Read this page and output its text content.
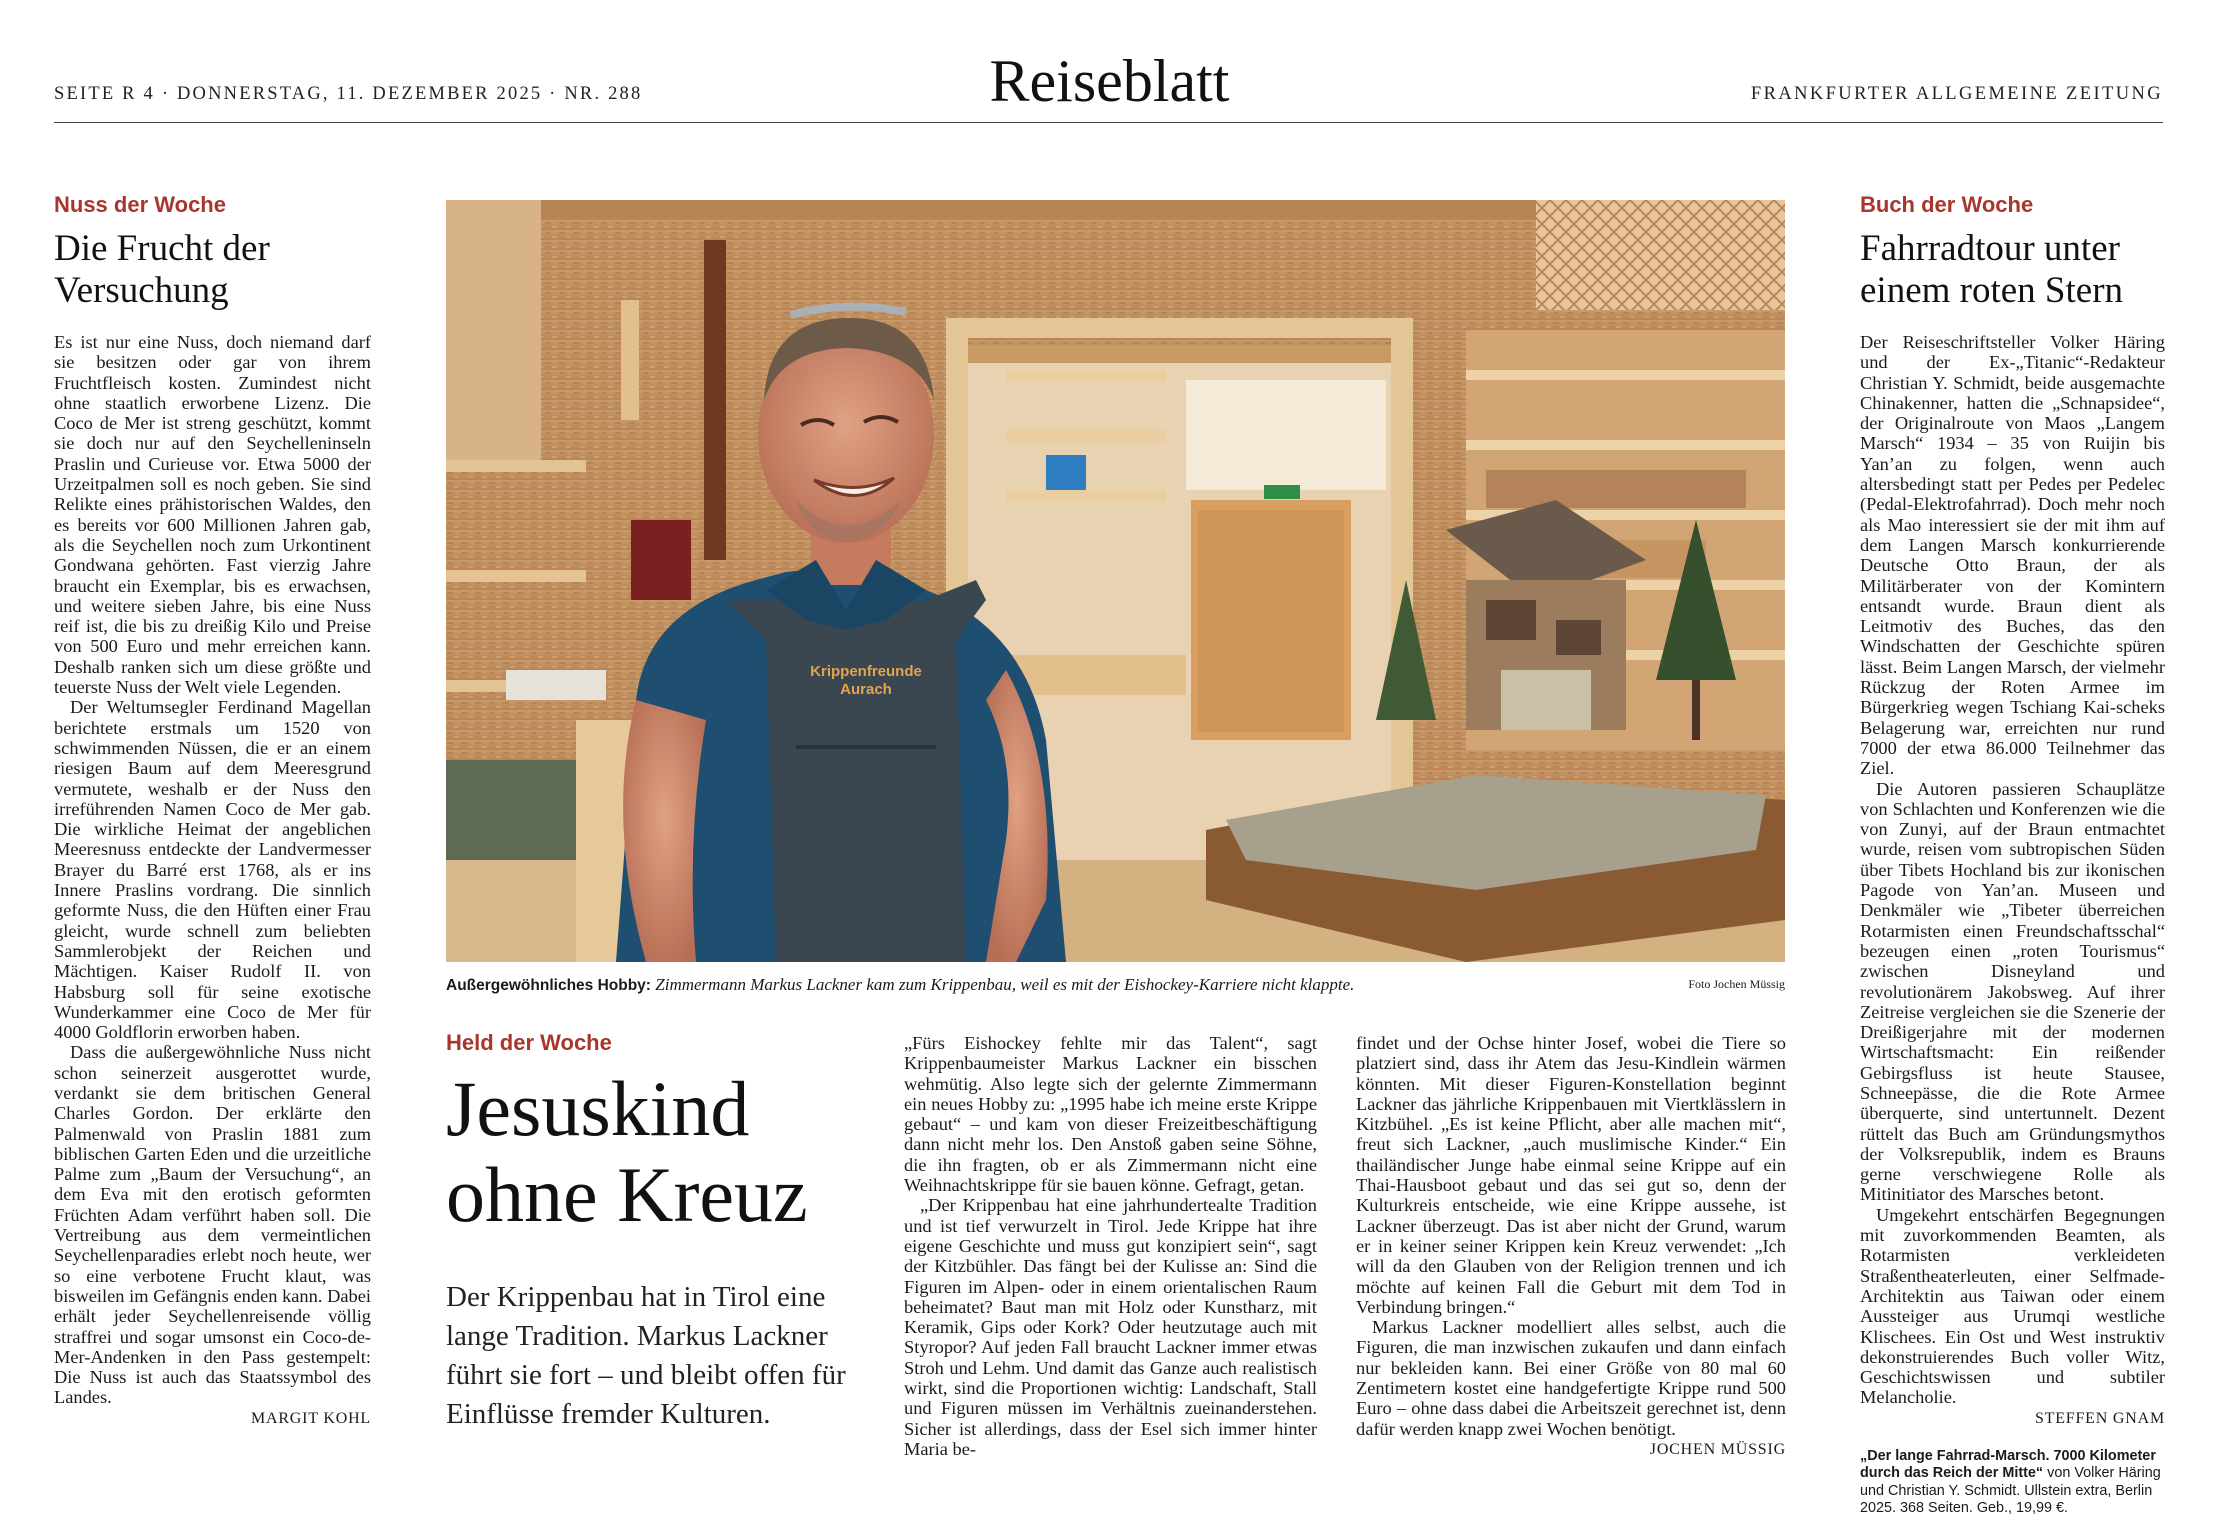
SEITE R 4 · DONNERSTAG, 11. DEZEMBER 2025 · NR. 288	Reiseblatt	FRANKFURTER ALLGEMEINE ZEITUNG
Nuss der Woche
Die Frucht der Versuchung

Es ist nur eine Nuss, doch niemand darf sie besitzen oder gar von ihrem Fruchtfleisch kosten. Zumindest nicht ohne staatlich erworbene Lizenz. Die Coco de Mer ist streng geschützt, kommt sie doch nur auf den Seychelleninseln Praslin und Curieuse vor. Etwa 5000 der Urzeitpalmen soll es noch geben. Sie sind Relikte eines prähistorischen Waldes, den es bereits vor 600 Millionen Jahren gab, als die Seychellen noch zum Urkontinent Gondwana gehörten. Fast vierzig Jahre braucht ein Exemplar, bis es erwachsen, und weitere sieben Jahre, bis eine Nuss reif ist, die bis zu dreißig Kilo und Preise von 500 Euro und mehr erreichen kann. Deshalb ranken sich um diese größte und teuerste Nuss der Welt viele Legenden.

Der Weltumsegler Ferdinand Magellan berichtete erstmals um 1520 von schwimmenden Nüssen, die er an einem riesigen Baum auf dem Meeresgrund vermutete, weshalb er der Nuss den irreführenden Namen Coco de Mer gab. Die wirkliche Heimat der angeblichen Meeresnuss entdeckte der Landvermesser Brayer du Barré erst 1768, als er ins Innere Praslins vordrang. Die sinnlich geformte Nuss, die den Hüften einer Frau gleicht, wurde schnell zum beliebten Sammlerobjekt der Reichen und Mächtigen. Kaiser Rudolf II. von Habsburg soll für seine exotische Wunderkammer eine Coco de Mer für 4000 Goldflorin erworben haben.

Dass die außergewöhnliche Nuss nicht schon seinerzeit ausgerottet wurde, verdankt sie dem britischen General Charles Gordon. Der erklärte den Palmenwald von Praslin 1881 zum biblischen Garten Eden und die urzeitliche Palme zum „Baum der Versuchung“, an dem Eva mit den erotisch geformten Früchten Adam verführt haben soll. Die Vertreibung aus dem vermeintlichen Seychellenparadies erlebt noch heute, wer so eine verbotene Frucht klaut, was bisweilen im Gefängnis enden kann. Dabei erhält jeder Seychellenreisende völlig straffrei und sogar umsonst ein Coco-de-Mer-Andenken in den Pass gestempelt: Die Nuss ist auch das Staatssymbol des Landes.

MARGIT KOHL
Krippenfreunde
Aurach
Außergewöhnliches Hobby: Zimmermann Markus Lackner kam zum Krippenbau, weil es mit der Eishockey-Karriere nicht klappte.	Foto Jochen Müssig
Held der Woche
Jesuskind
ohne Kreuz
Der Krippenbau hat in Tirol eine lange Tradition. Markus Lackner führt sie fort – und bleibt offen für Einflüsse fremder Kulturen.

„Fürs Eishockey fehlte mir das Talent“, sagt Krippenbaumeister Markus Lackner ein bisschen wehmütig. Also legte sich der gelernte Zimmermann ein neues Hobby zu: „1995 habe ich meine erste Krippe gebaut“ – und kam von dieser Freizeitbeschäftigung dann nicht mehr los. Den Anstoß gaben seine Söhne, die ihn fragten, ob er als Zimmermann nicht eine Weihnachtskrippe für sie bauen könne. Gefragt, getan.

„Der Krippenbau hat eine jahrhundertealte Tradition und ist tief verwurzelt in Tirol. Jede Krippe hat ihre eigene Geschichte und muss gut konzipiert sein“, sagt der Kitzbühler. Das fängt bei der Kulisse an: Sind die Figuren im Alpen- oder in einem orientalischen Raum beheimatet? Baut man mit Holz oder Kunstharz, mit Keramik, Gips oder Kork? Oder heutzutage auch mit Styropor? Auf jeden Fall braucht Lackner immer etwas Stroh und Lehm. Und damit das Ganze auch realistisch wirkt, sind die Proportionen wichtig: Landschaft, Stall und Figuren müssen im Verhältnis zueinanderstehen. Sicher ist allerdings, dass der Esel sich immer hinter Maria be-

findet und der Ochse hinter Josef, wobei die Tiere so platziert sind, dass ihr Atem das Jesu-Kindlein wärmen könnten. Mit dieser Figuren-Konstellation beginnt Lackner das jährliche Krippenbauen mit Viertklässlern in Kitzbühel. „Es ist keine Pflicht, aber alle machen mit“, freut sich Lackner, „auch muslimische Kinder.“ Ein thailändischer Junge habe einmal seine Krippe auf ein Thai-Hausboot gebaut und das sei gut so, denn der Kulturkreis entscheide, wie eine Krippe aussehe, ist Lackner überzeugt. Das ist aber nicht der Grund, warum er in keiner seiner Krippen kein Kreuz verwendet: „Ich will da den Glauben von der Religion trennen und ich möchte auf keinen Fall die Geburt mit dem Tod in Verbindung bringen.“

Markus Lackner modelliert alles selbst, auch die Figuren, die man inzwischen zukaufen und dann einfach nur bekleiden kann. Bei einer Größe von 80 mal 60 Zentimetern kostet eine handgefertigte Krippe rund 500 Euro – ohne dass dabei die Arbeitszeit gerechnet ist, denn dafür werden knapp zwei Wochen benötigt.

JOCHEN MÜSSIG
Buch der Woche
Fahrradtour unter einem roten Stern

Der Reiseschriftsteller Volker Häring und der Ex-„Titanic“-Redakteur Christian Y. Schmidt, beide ausgemachte Chinakenner, hatten die „Schnapsidee“, der Originalroute von Maos „Langem Marsch“ 1934 – 35 von Ruijin bis Yan’an zu folgen, wenn auch altersbedingt statt per Pedes per Pedelec (Pedal-Elektrofahrrad). Doch mehr noch als Mao interessiert sie der mit ihm auf dem Langen Marsch konkurrierende Deutsche Otto Braun, der als Militärberater von der Komintern entsandt wurde. Braun dient als Leitmotiv des Buches, das den Windschatten der Geschichte spüren lässt. Beim Langen Marsch, der vielmehr Rückzug der Roten Armee im Bürgerkrieg wegen Tschiang Kai-scheks Belagerung war, erreichten nur rund 7000 der etwa 86.000 Teilnehmer das Ziel.

Die Autoren passieren Schauplätze von Schlachten und Konferenzen wie die von Zunyi, auf der Braun entmachtet wurde, reisen vom subtropischen Süden über Tibets Hochland bis zur ikonischen Pagode von Yan’an. Museen und Denkmäler wie „Tibeter überreichen Rotarmisten einen Freundschaftsschal“ bezeugen einen „roten Tourismus“ zwischen Disneyland und revolutionärem Jakobsweg. Auf ihrer Zeitreise vergleichen sie die Szenerie der Dreißigerjahre mit der modernen Wirtschaftsmacht: Ein reißender Gebirgsfluss ist heute Stausee, Schneepässe, die die Rote Armee überquerte, sind untertunnelt. Dezent rüttelt das Buch am Gründungsmythos der Volksrepublik, indem es Brauns gerne verschwiegene Rolle als Mitinitiator des Marsches betont.

Umgekehrt entschärfen Begegnungen mit zuvorkommenden Beamten, als Rotarmisten verkleideten Straßentheaterleuten, einer Selfmade-Architektin aus Taiwan oder einem Aussteiger aus Urumqi westliche Klischees. Ein Ost und West instruktiv dekonstruierendes Buch voller Witz, Geschichtswissen und subtiler Melancholie.

STEFFEN GNAM
„Der lange Fahrrad-Marsch. 7000 Kilometer durch das Reich der Mitte“ von Volker Häring und Christian Y. Schmidt. Ullstein extra, Berlin 2025. 368 Seiten. Geb., 19,99 €.
